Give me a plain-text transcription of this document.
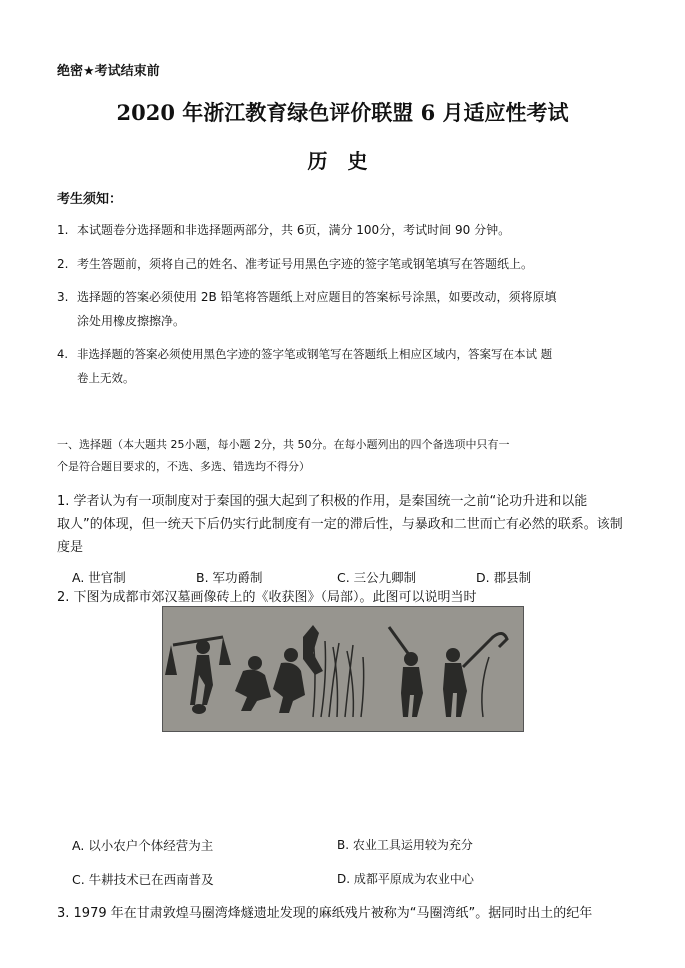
绝密★考试结束前
2020 年浙江教育绿色评价联盟 6 月适应性考试
历史
考生须知：
1. 本试题卷分选择题和非选择题两部分，共 6页，满分 100分，考试时间 90 分钟。
2. 考生答题前，须将自己的姓名、准考证号用黑色字迹的签字笔或钢笔填写在答题纸上。
3. 选择题的答案必须使用 2B 铅笔将答题纸上对应题目的答案标号涂黑，如要改动，须将原填
涂处用橡皮擦擦净。
4. 非选择题的答案必须使用黑色字迹的签字笔或钢笔写在答题纸上相应区域内，答案写在本试 题
卷上无效。
一、选择题（本大题共 25小题，每小题 2分，共 50分。在每小题列出的四个备选项中只有一
个是符合题目要求的，不选、多选、错选均不得分）
1. 学者认为有一项制度对于秦国的强大起到了积极的作用，是秦国统一之前“论功升进和以能
取人”的体现，但一统天下后仍实行此制度有一定的滞后性，与暴政和二世而亡有必然的联系。该制
度是
A. 世官制	B. 军功爵制	C. 三公九卿制	D. 郡县制
2. 下图为成都市郊汉墓画像砖上的《收获图》（局部）。此图可以说明当时
A. 以小农户个体经营为主	B. 农业工具运用较为充分
C. 牛耕技术已在西南普及	D. 成都平原成为农业中心
3. 1979 年在甘肃敦煌马圈湾烽燧遗址发现的麻纸残片被称为“马圈湾纸”。据同时出土的纪年
